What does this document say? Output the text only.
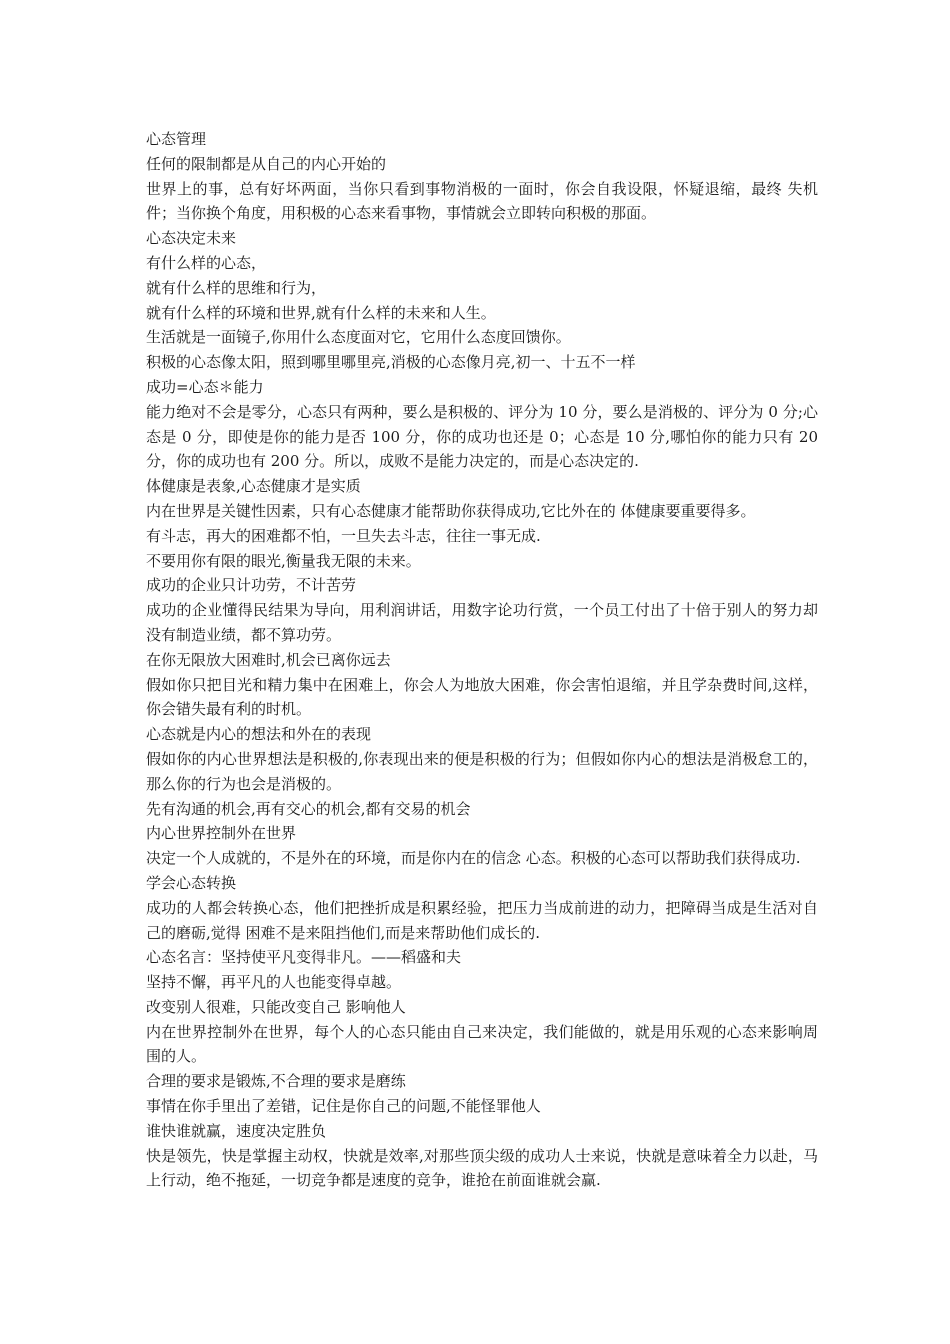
心态管理

任何的限制都是从自己的内心开始的

世界上的事，总有好坏两面，当你只看到事物消极的一面时，你会自我设限，怀疑退缩，最终 失机件；当你换个角度，用积极的心态来看事物，事情就会立即转向积极的那面。

心态决定未来

有什么样的心态，

就有什么样的思维和行为，

就有什么样的环境和世界,就有什么样的未来和人生。

生活就是一面镜子,你用什么态度面对它，它用什么态度回馈你。

积极的心态像太阳，照到哪里哪里亮,消极的心态像月亮,初一、十五不一样

成功=心态＊能力

能力绝对不会是零分，心态只有两种，要么是积极的、评分为 10 分，要么是消极的、评分为 0 分;心态是 0 分，即使是你的能力是否 100 分，你的成功也还是 0；心态是 10 分,哪怕你的能力只有 20 分，你的成功也有 200 分。所以，成败不是能力决定的，而是心态决定的.

体健康是表象,心态健康才是实质

内在世界是关键性因素，只有心态健康才能帮助你获得成功,它比外在的 体健康要重要得多。

有斗志，再大的困难都不怕，一旦失去斗志，往往一事无成.

不要用你有限的眼光,衡量我无限的未来。

成功的企业只计功劳，不计苦劳

成功的企业懂得民结果为导向，用利润讲话，用数字论功行赏，一个员工付出了十倍于别人的努力却没有制造业绩，都不算功劳。

在你无限放大困难时,机会已离你远去

假如你只把目光和精力集中在困难上，你会人为地放大困难，你会害怕退缩，并且学杂费时间,这样，你会错失最有利的时机。

心态就是内心的想法和外在的表现

假如你的内心世界想法是积极的,你表现出来的便是积极的行为；但假如你内心的想法是消极怠工的，那么你的行为也会是消极的。

先有沟通的机会,再有交心的机会,都有交易的机会

内心世界控制外在世界

决定一个人成就的，不是外在的环境，而是你内在的信念 心态。积极的心态可以帮助我们获得成功.

学会心态转换

成功的人都会转换心态，他们把挫折成是积累经验，把压力当成前进的动力，把障碍当成是生活对自己的磨砺,觉得 困难不是来阻挡他们,而是来帮助他们成长的.

心态名言：坚持使平凡变得非凡。——稻盛和夫

坚持不懈，再平凡的人也能变得卓越。

改变别人很难，只能改变自己 影响他人

内在世界控制外在世界，每个人的心态只能由自己来决定，我们能做的，就是用乐观的心态来影响周围的人。

合理的要求是锻炼,不合理的要求是磨练

事情在你手里出了差错，记住是你自己的问题,不能怪罪他人

谁快谁就赢，速度决定胜负

快是领先，快是掌握主动权，快就是效率,对那些顶尖级的成功人士来说，快就是意味着全力以赴，马上行动，绝不拖延，一切竞争都是速度的竞争，谁抢在前面谁就会赢.
